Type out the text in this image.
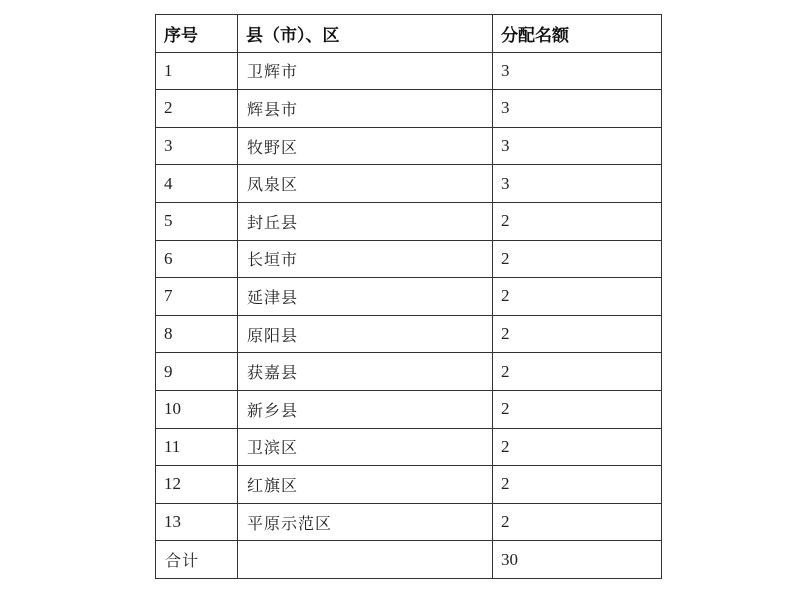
序号	县（市）、区	分配名额
1	卫辉市	3
2	辉县市	3
3	牧野区	3
4	凤泉区	3
5	封丘县	2
6	长垣市	2
7	延津县	2
8	原阳县	2
9	获嘉县	2
10	新乡县	2
11	卫滨区	2
12	红旗区	2
13	平原示范区	2
合计		30
